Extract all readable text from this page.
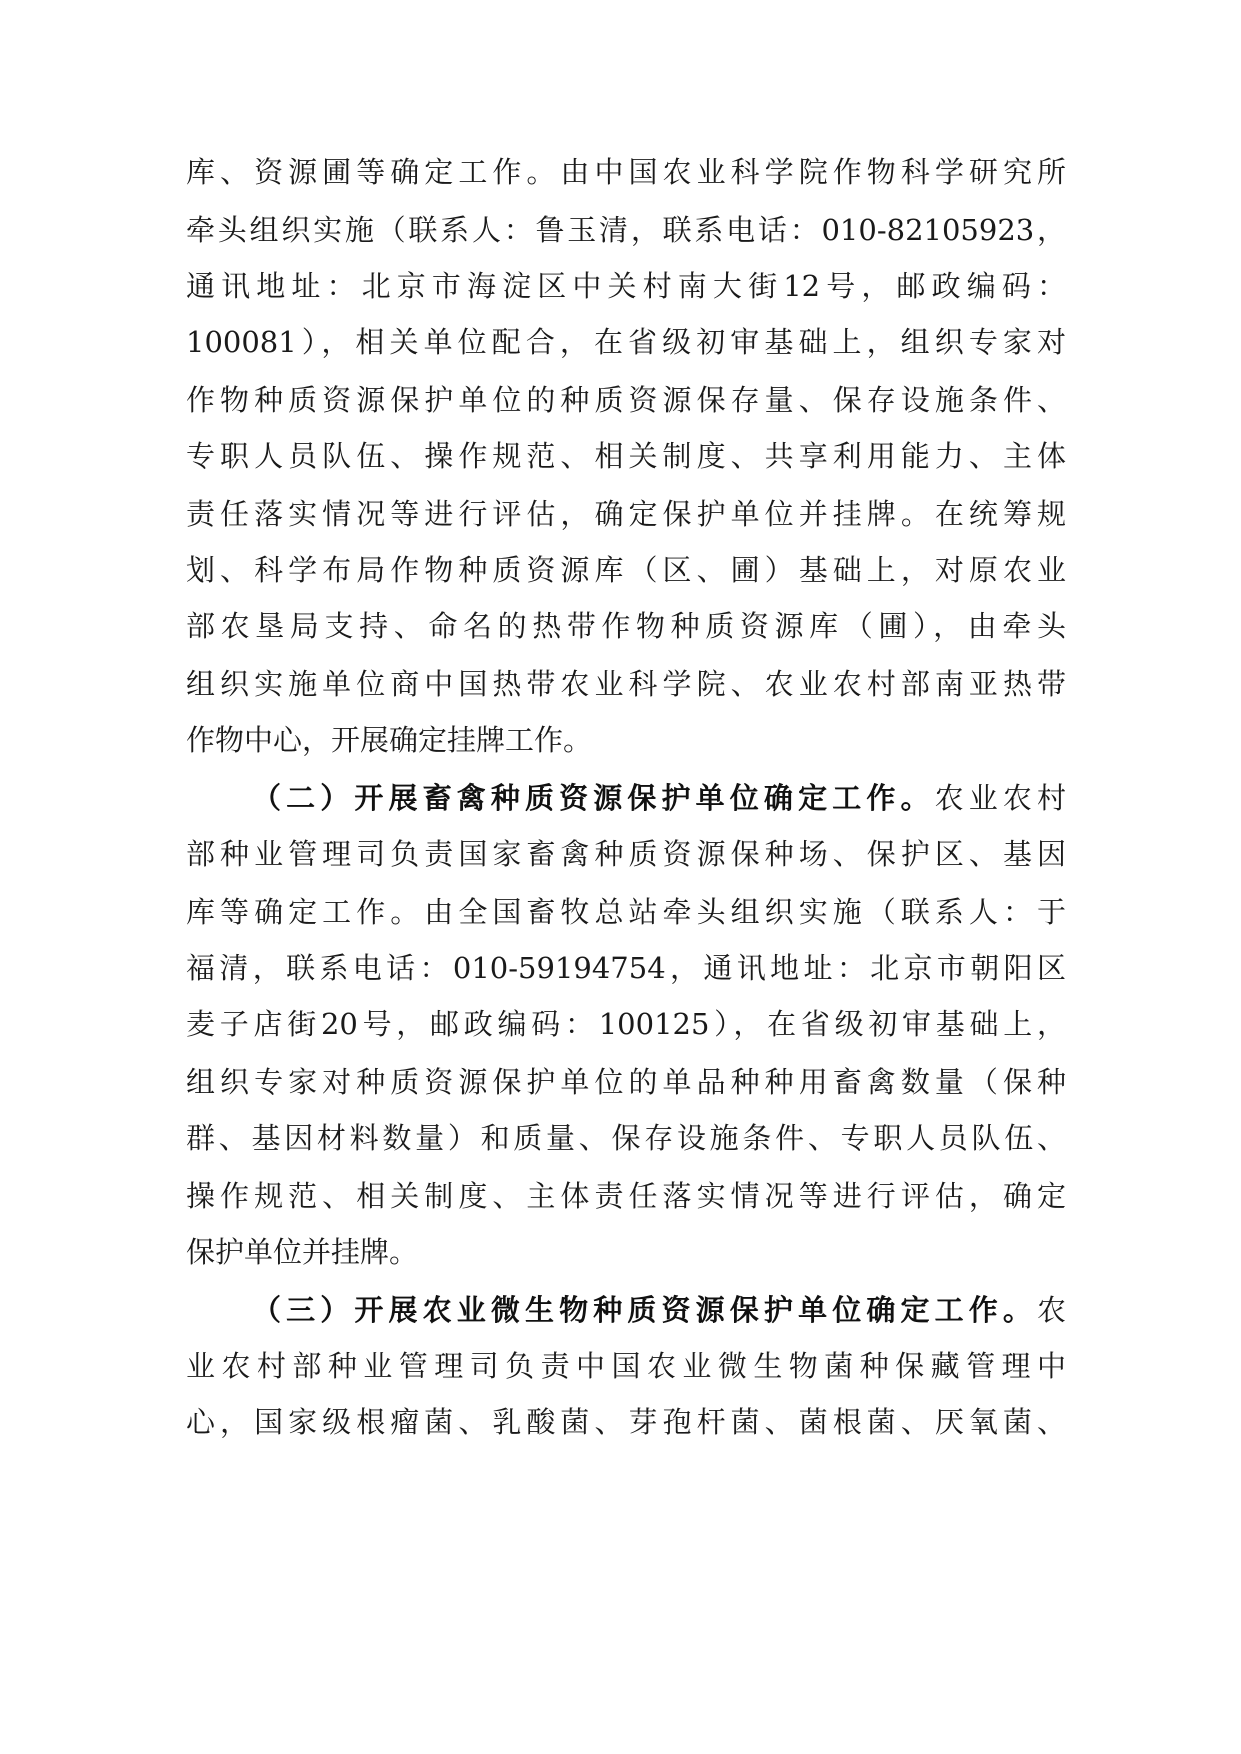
库、资源圃等确定工作。由中国农业科学院作物科学研究所
牵头组织实施（联系人：鲁玉清，联系电话：010-82105923，
通讯地址：北京市海淀区中关村南大街12号，邮政编码：
100081），相关单位配合，在省级初审基础上，组织专家对
作物种质资源保护单位的种质资源保存量、保存设施条件、
专职人员队伍、操作规范、相关制度、共享利用能力、主体
责任落实情况等进行评估，确定保护单位并挂牌。在统筹规
划、科学布局作物种质资源库（区、圃）基础上，对原农业
部农垦局支持、命名的热带作物种质资源库（圃），由牵头
组织实施单位商中国热带农业科学院、农业农村部南亚热带
作物中心，开展确定挂牌工作。
（二）开展畜禽种质资源保护单位确定工作。农业农村
部种业管理司负责国家畜禽种质资源保种场、保护区、基因
库等确定工作。由全国畜牧总站牵头组织实施（联系人：于
福清，联系电话：010-59194754，通讯地址：北京市朝阳区
麦子店街20号，邮政编码：100125），在省级初审基础上，
组织专家对种质资源保护单位的单品种种用畜禽数量（保种
群、基因材料数量）和质量、保存设施条件、专职人员队伍、
操作规范、相关制度、主体责任落实情况等进行评估，确定
保护单位并挂牌。
（三）开展农业微生物种质资源保护单位确定工作。农
业农村部种业管理司负责中国农业微生物菌种保藏管理中
心，国家级根瘤菌、乳酸菌、芽孢杆菌、菌根菌、厌氧菌、
